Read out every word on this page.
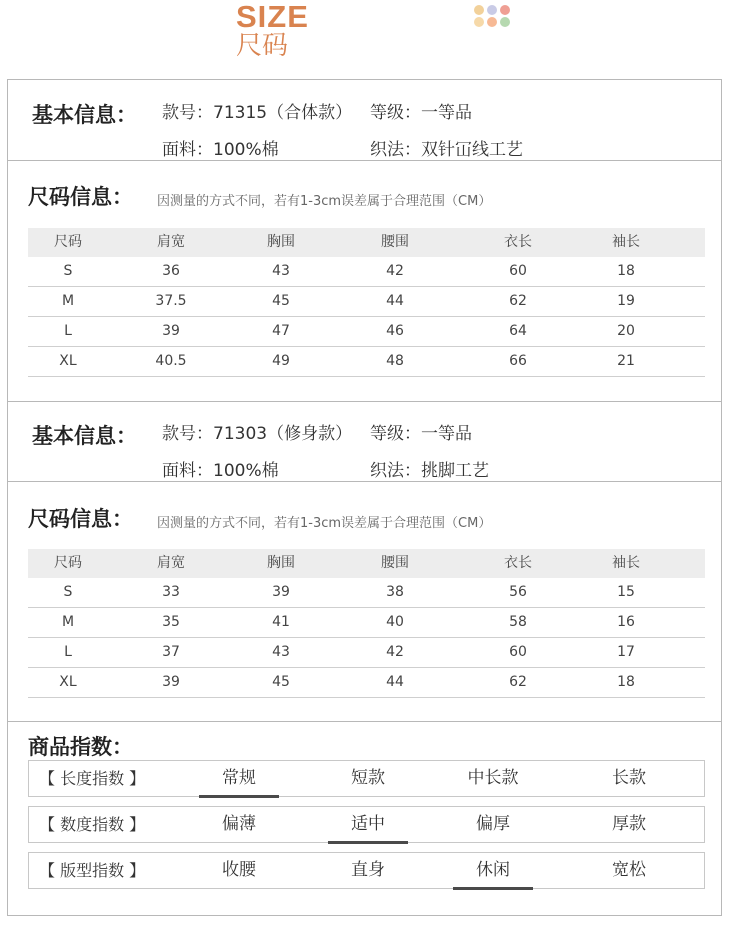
SIZE
尺码
基本信息： 款号：71315（合体款） 等级：一等品
面料：100%棉	织法：双针冚线工艺
尺码信息： 因测量的方式不同，若有1-3cm误差属于合理范围（CM）
尺码	肩宽	胸围	腰围	衣长	袖长
S	36	43	42	60	18
M	37.5	45	44	62	19
L	39	47	46	64	20
XL	40.5	49	48	66	21
基本信息： 款号：71303（修身款） 等级：一等品
面料：100%棉	织法：挑脚工艺
尺码信息： 因测量的方式不同，若有1-3cm误差属于合理范围（CM）
尺码	肩宽	胸围	腰围	衣长	袖长
S	33	39	38	56	15
M	35	41	40	58	16
L	37	43	42	60	17
XL	39	45	44	62	18
商品指数：
【 长度指数 】	常规	短款	中长款	长款
【 数度指数 】	偏薄	适中	偏厚	厚款
【 版型指数 】	收腰	直身	休闲	宽松
